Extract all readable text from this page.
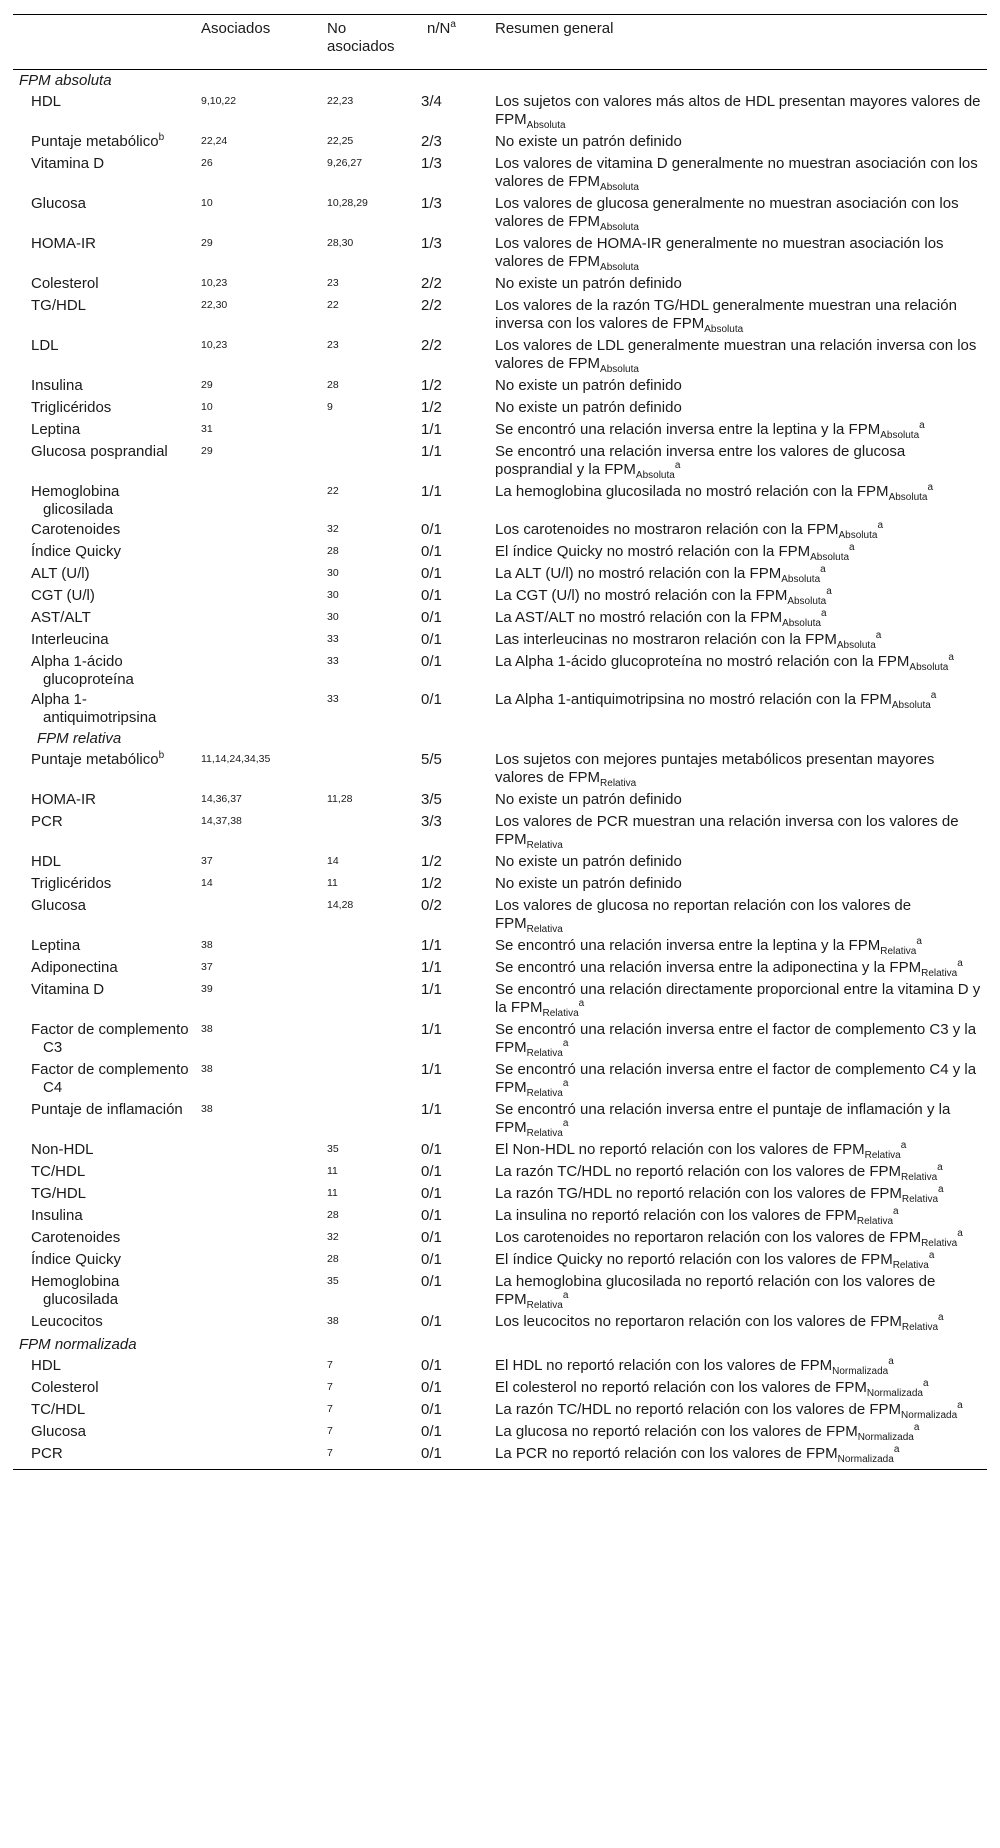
	Asociados	No asociados	$n/N^a$	Resumen general
FPM absoluta				
HDL	9,10,22	22,23	3/4	Los sujetos con valores más altos de HDL presentan mayores valores de $FPM_{Absoluta}$
Puntaje metabólico$^b$	22,24	22,25	2/3	No existe un patrón definido
Vitamina D	26	9,26,27	1/3	Los valores de vitamina D generalmente no muestran asociación con los valores de $FPM_{Absoluta}$
Glucosa	10	10,28,29	1/3	Los valores de glucosa generalmente no muestran asociación con los valores de $FPM_{Absoluta}$
HOMA-IR	29	28,30	1/3	Los valores de HOMA-IR generalmente no muestran asociación los valores de $FPM_{Absoluta}$
Colesterol	10,23	23	2/2	No existe un patrón definido
TG/HDL	22,30	22	2/2	Los valores de la razón TG/HDL generalmente muestran una relación inversa con los valores de $FPM_{Absoluta}$
LDL	10,23	23	2/2	Los valores de LDL generalmente muestran una relación inversa con los valores de $FPM_{Absoluta}$
Insulina	29	28	1/2	No existe un patrón definido
Triglicéridos	10	9	1/2	No existe un patrón definido
Leptina	31		1/1	Se encontró una relación inversa entre la leptina y la $FPM_{Absoluta}^a$
Glucosa posprandial	29		1/1	Se encontró una relación inversa entre los valores de glucosa posprandial y la $FPM_{Absoluta}^a$
Hemoglobina glicosilada		22	1/1	La hemoglobina glucosilada no mostró relación con la $FPM_{Absoluta}^a$
Carotenoides		32	0/1	Los carotenoides no mostraron relación con la $FPM_{Absoluta}^a$
Índice Quicky		28	0/1	El índice Quicky no mostró relación con la $FPM_{Absoluta}^a$
ALT (U/l)		30	0/1	La ALT (U/l) no mostró relación con la $FPM_{Absoluta}^a$
CGT (U/l)		30	0/1	La CGT (U/l) no mostró relación con la $FPM_{Absoluta}^a$
AST/ALT		30	0/1	La AST/ALT no mostró relación con la $FPM_{Absoluta}^a$
Interleucina		33	0/1	Las interleucinas no mostraron relación con la $FPM_{Absoluta}^a$
Alpha 1-ácido glucoproteína		33	0/1	La Alpha 1-ácido glucoproteína no mostró relación con la $FPM_{Absoluta}^a$
Alpha 1-antiquimotripsina		33	0/1	La Alpha 1-antiquimotripsina no mostró relación con la $FPM_{Absoluta}^a$
FPM relativa				
Puntaje metabólico$^b$	11,14,24,34,35		5/5	Los sujetos con mejores puntajes metabólicos presentan mayores valores de $FPM_{Relativa}$
HOMA-IR	14,36,37	11,28	3/5	No existe un patrón definido
PCR	14,37,38		3/3	Los valores de PCR muestran una relación inversa con los valores de $FPM_{Relativa}$
HDL	37	14	1/2	No existe un patrón definido
Triglicéridos	14	11	1/2	No existe un patrón definido
Glucosa		14,28	0/2	Los valores de glucosa no reportan relación con los valores de $FPM_{Relativa}$
Leptina	38		1/1	Se encontró una relación inversa entre la leptina y la $FPM_{Relativa}^a$
Adiponectina	37		1/1	Se encontró una relación inversa entre la adiponectina y la $FPM_{Relativa}^a$
Vitamina D	39		1/1	Se encontró una relación directamente proporcional entre la vitamina D y la $FPM_{Relativa}^a$
Factor de complemento C3	38		1/1	Se encontró una relación inversa entre el factor de complemento C3 y la $FPM_{Relativa}^a$
Factor de complemento C4	38		1/1	Se encontró una relación inversa entre el factor de complemento C4 y la $FPM_{Relativa}^a$
Puntaje de inflamación	38		1/1	Se encontró una relación inversa entre el puntaje de inflamación y la $FPM_{Relativa}^a$
Non-HDL		35	0/1	El Non-HDL no reportó relación con los valores de $FPM_{Relativa}^a$
TC/HDL		11	0/1	La razón TC/HDL no reportó relación con los valores de $FPM_{Relativa}^a$
TG/HDL		11	0/1	La razón TG/HDL no reportó relación con los valores de $FPM_{Relativa}^a$
Insulina		28	0/1	La insulina no reportó relación con los valores de $FPM_{Relativa}^a$
Carotenoides		32	0/1	Los carotenoides no reportaron relación con los valores de $FPM_{Relativa}^a$
Índice Quicky		28	0/1	El índice Quicky no reportó relación con los valores de $FPM_{Relativa}^a$
Hemoglobina glucosilada		35	0/1	La hemoglobina glucosilada no reportó relación con los valores de $FPM_{Relativa}^a$
Leucocitos		38	0/1	Los leucocitos no reportaron relación con los valores de $FPM_{Relativa}^a$
FPM normalizada				
HDL		7	0/1	El HDL no reportó relación con los valores de $FPM_{Normalizada}^a$
Colesterol		7	0/1	El colesterol no reportó relación con los valores de $FPM_{Normalizada}^a$
TC/HDL		7	0/1	La razón TC/HDL no reportó relación con los valores de $FPM_{Normalizada}^a$
Glucosa		7	0/1	La glucosa no reportó relación con los valores de $FPM_{Normalizada}^a$
PCR		7	0/1	La PCR no reportó relación con los valores de $FPM_{Normalizada}^a$
